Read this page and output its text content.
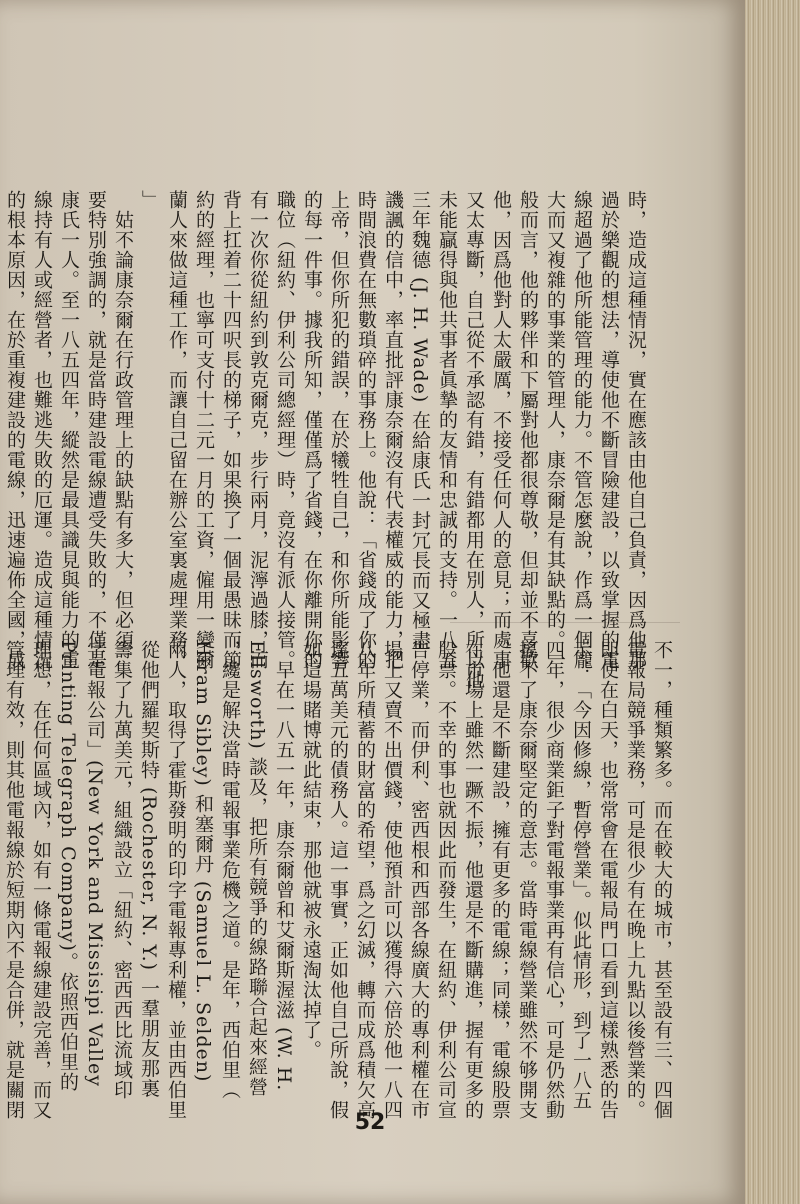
時，造成這種情況，實在應該由他自己負責，因爲他那
過於樂觀的想法，導使他不斷冒險建設，以致掌握的電
線超過了他所能管理的能力。不管怎麼說，作爲一個龐
大而又複雜的事業的管理人，康奈爾是有其缺點的。一
般而言，他的夥伴和下屬對他都很尊敬，但却並不喜歡
他，因爲他對人太嚴厲，不接受任何人的意見；而處事
又太專斷，自己從不承認有錯，有錯都用在別人，所以他
未能贏得與他共事者眞摯的友情和忠誠的支持。一八五
三年魏德 (J. H. Wade) 在給康氏一封冗長而又極盡
譏諷的信中，率直批評康奈爾沒有代表權威的能力，把
時間浪費在無數瑣碎的事務上。他說：「省錢成了你的
上帝，但你所犯的錯誤，在於犧牲自己，和你所能影響
的每一件事。據我所知，僅僅爲了省錢，在你離開你的
職位（紐約、伊利公司總經理）時，竟沒有派人接管。
有一次你從紐約到敦克爾克，步行兩月，泥濘過膝，而
背上扛着二十四呎長的梯子，如果換了一個最愚昧而節
約的經理，也寧可支付十二元一月的工資，僱用一變爾
蘭人來做這種工作，而讓自己留在辦公室裏處理業務。
」
　姑不論康奈爾在行政管理上的缺點有多大，但必須
要特別強調的，就是當時建設電線遭受失敗的，不僅是
康氏一人。至一八五四年，縱然是最具識見與能力的電
線持有人或經營者，也難逃失敗的厄運。造成這種情況
的根本原因，在於重複建設的電線，迅速遍佈全國，成
不一，種類繁多。而在較大的城市，甚至設有三、四個
電報局競爭業務，可是很少有在晚上九點以後營業的。
即使在白天，也常常會在電報局門口看到這樣熟悉的告
示：「今因修線，暫停營業」。似此情形，到了一八五
四年，很少商業鉅子對電報事業再有信心，可是仍然動
搖不了康奈爾堅定的意志。當時電線營業雖然不够開支
，他還是不斷建設，擁有更多的電線；同樣，電線股票
在市場上雖然一蹶不振，他還是不斷購進，握有更多的
股票。不幸的事也就因此而發生，在紐約、伊利公司宣
告停業，而伊利、密西根和西部各線廣大的專利權在市
場上又賣不出價錢，使他預計可以獲得六倍於他一八四
八年所積蓄的財富的希望，爲之幻滅，轉而成爲積欠高
達五萬美元的債務人。這一事實，正如他自己所說，假
如這場賭博就此結束，那他就被永遠淘汰掉了。
　早在一八五一年，康奈爾曾和艾爾斯渥滋 (W. H.
Ellsworth) 談及，把所有競爭的線路聯合起來經營
，纔是解決當時電報事業危機之道。是年，西伯里（
Hiram Sibley) 和塞爾丹 (Samuel L. Selden)
兩人，取得了霍斯發明的印字電報專利權，並由西伯里
從他們羅契斯特 (Rochester, N. Y.) 一羣朋友那裏
籌集了九萬美元，組織設立「紐約、密西西比流域印
字電報公司」(New York and Missisipi Valley
Printing Telegraph Company)。依照西伯里的
理想，在任何區域內，如有一條電報線建設完善，而又
管理有效，則其他電報線於短期內不是合併，就是關閉
52
